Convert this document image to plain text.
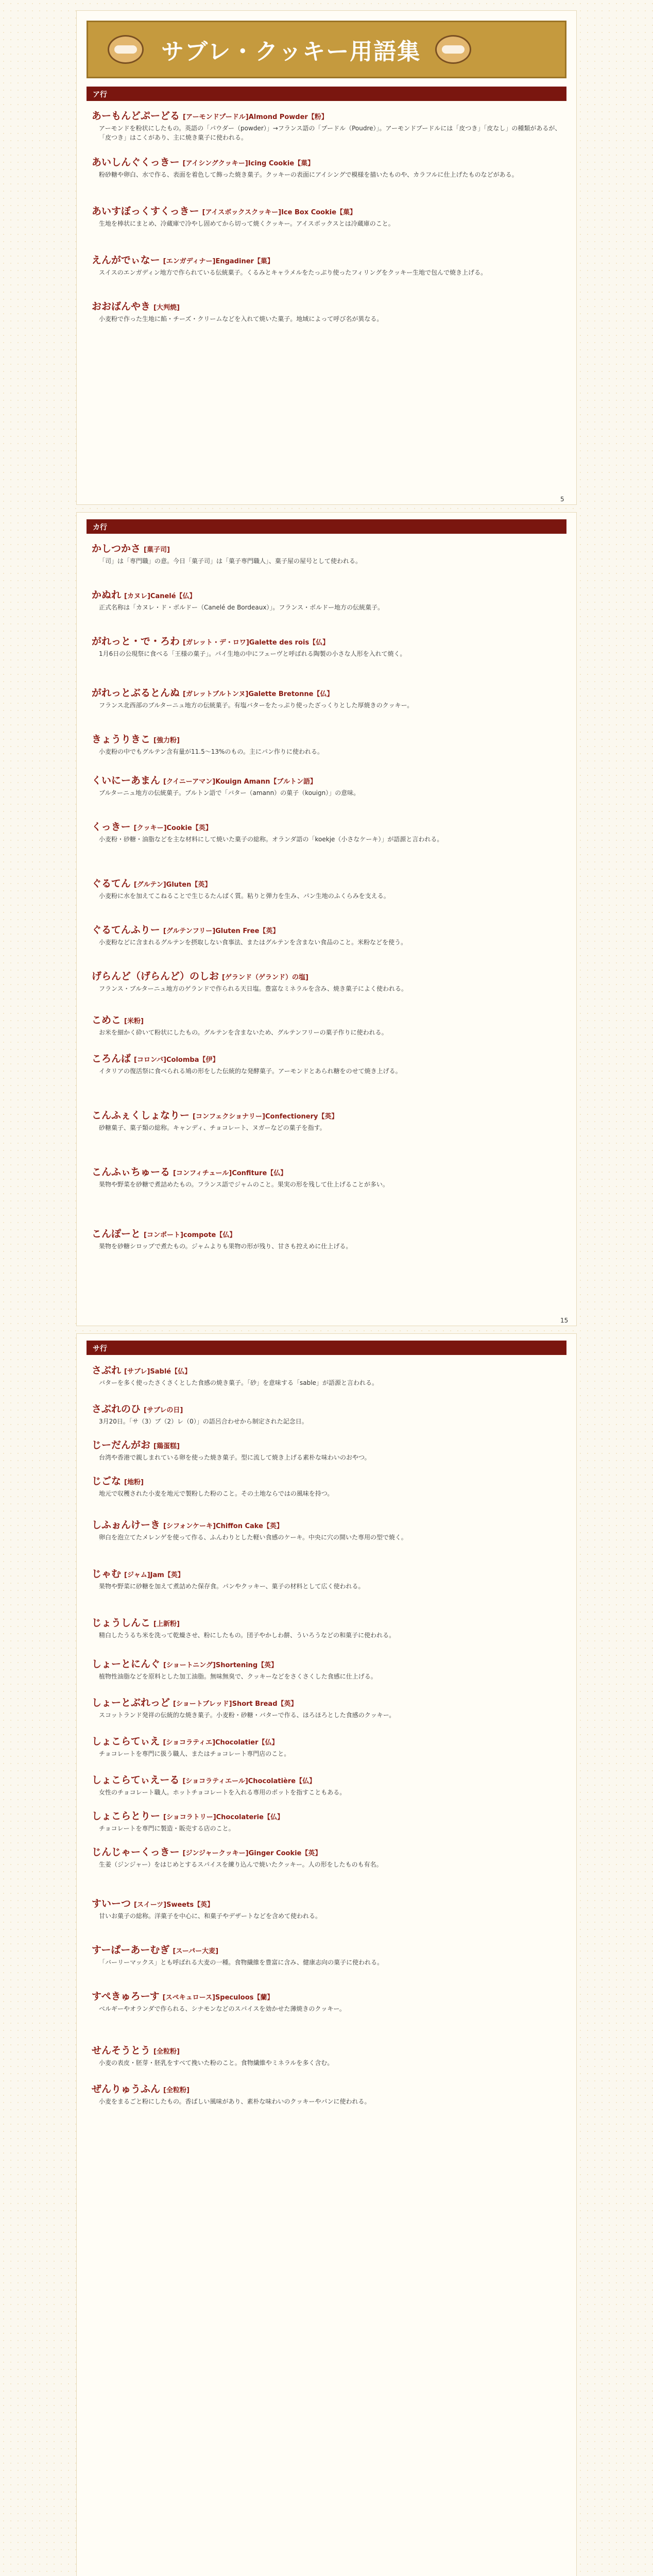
サブレ・クッキー用語集
ア行
カ行
サ行
5
15
あーもんどぷーどる [アーモンドプードル]Almond Powder【粉】
アーモンドを粉状にしたもの。英語の「パウダー（powder）」→フランス語の「プードル（Poudre）」。アーモンドプードルには「皮つき」「皮なし」の種類があるが、「皮つき」はこくがあり、主に焼き菓子に使われる。
あいしんぐくっきー [アイシングクッキー]Icing Cookie【菓】
粉砂糖や卵白、水で作る、表面を着色して飾った焼き菓子。クッキーの表面にアイシングで模様を描いたものや、カラフルに仕上げたものなどがある。
あいすぼっくすくっきー [アイスボックスクッキー]Ice Box Cookie【菓】
生地を棒状にまとめ、冷蔵庫で冷やし固めてから切って焼くクッキー。アイスボックスとは冷蔵庫のこと。
えんがでぃなー [エンガディナー]Engadiner【菓】
スイスのエンガディン地方で作られている伝統菓子。くるみとキャラメルをたっぷり使ったフィリングをクッキー生地で包んで焼き上げる。
おおばんやき [大判焼]
小麦粉で作った生地に餡・チーズ・クリームなどを入れて焼いた菓子。地域によって呼び名が異なる。
かしつかさ [菓子司]
「司」は「専門職」の意。今日「菓子司」は「菓子専門職人」、菓子屋の屋号として使われる。
かぬれ [カヌレ]Canelé【仏】
正式名称は「カヌレ・ド・ボルドー（Canelé de Bordeaux）」。フランス・ボルドー地方の伝統菓子。
がれっと・で・ろわ [ガレット・デ・ロワ]Galette des rois【仏】
1月6日の公現祭に食べる「王様の菓子」。パイ生地の中にフェーヴと呼ばれる陶製の小さな人形を入れて焼く。
がれっとぶるとんぬ [ガレットブルトンヌ]Galette Bretonne【仏】
フランス北西部のブルターニュ地方の伝統菓子。有塩バターをたっぷり使ったざっくりとした厚焼きのクッキー。
きょうりきこ [強力粉]
小麦粉の中でもグルテン含有量が11.5〜13%のもの。主にパン作りに使われる。
くいにーあまん [クイニーアマン]Kouign Amann【ブルトン語】
ブルターニュ地方の伝統菓子。ブルトン語で「バター（amann）の菓子（kouign）」の意味。
くっきー [クッキー]Cookie【英】
小麦粉・砂糖・油脂などを主な材料にして焼いた菓子の総称。オランダ語の「koekje（小さなケーキ）」が語源と言われる。
ぐるてん [グルテン]Gluten【英】
小麦粉に水を加えてこねることで生じるたんぱく質。粘りと弾力を生み、パン生地のふくらみを支える。
ぐるてんふりー [グルテンフリー]Gluten Free【英】
小麦粉などに含まれるグルテンを摂取しない食事法、またはグルテンを含まない食品のこと。米粉などを使う。
げらんど（げらんど）のしお [ゲランド（ゲランド）の塩]
フランス・ブルターニュ地方のゲランドで作られる天日塩。豊富なミネラルを含み、焼き菓子によく使われる。
こめこ [米粉]
お米を細かく砕いて粉状にしたもの。グルテンを含まないため、グルテンフリーの菓子作りに使われる。
ころんば [コロンバ]Colomba【伊】
イタリアの復活祭に食べられる鳩の形をした伝統的な発酵菓子。アーモンドとあられ糖をのせて焼き上げる。
こんふぇくしょなりー [コンフェクショナリー]Confectionery【英】
砂糖菓子、菓子類の総称。キャンディ、チョコレート、ヌガーなどの菓子を指す。
こんふぃちゅーる [コンフィチュール]Confiture【仏】
果物や野菜を砂糖で煮詰めたもの。フランス語でジャムのこと。果実の形を残して仕上げることが多い。
こんぽーと [コンポート]compote【仏】
果物を砂糖シロップで煮たもの。ジャムよりも果物の形が残り、甘さも控えめに仕上げる。
さぶれ [サブレ]Sablé【仏】
バターを多く使ったさくさくとした食感の焼き菓子。「砂」を意味する「sable」が語源と言われる。
さぶれのひ [サブレの日]
3月20日。「サ（3）ブ（2）レ（0）」の語呂合わせから制定された記念日。
じーだんがお [鶏蛋糕]
台湾や香港で親しまれている卵を使った焼き菓子。型に流して焼き上げる素朴な味わいのおやつ。
じごな [地粉]
地元で収穫された小麦を地元で製粉した粉のこと。その土地ならではの風味を持つ。
しふぉんけーき [シフォンケーキ]Chiffon Cake【英】
卵白を泡立てたメレンゲを使って作る、ふんわりとした軽い食感のケーキ。中央に穴の開いた専用の型で焼く。
じゃむ [ジャム]Jam【英】
果物や野菜に砂糖を加えて煮詰めた保存食。パンやクッキー、菓子の材料として広く使われる。
じょうしんこ [上新粉]
精白したうるち米を洗って乾燥させ、粉にしたもの。団子やかしわ餅、ういろうなどの和菓子に使われる。
しょーとにんぐ [ショートニング]Shortening【英】
植物性油脂などを原料とした加工油脂。無味無臭で、クッキーなどをさくさくした食感に仕上げる。
しょーとぶれっど [ショートブレッド]Short Bread【英】
スコットランド発祥の伝統的な焼き菓子。小麦粉・砂糖・バターで作る、ほろほろとした食感のクッキー。
しょこらてぃえ [ショコラティエ]Chocolatier【仏】
チョコレートを専門に扱う職人、またはチョコレート専門店のこと。
しょこらてぃえーる [ショコラティエール]Chocolatière【仏】
女性のチョコレート職人。ホットチョコレートを入れる専用のポットを指すこともある。
しょこらとりー [ショコラトリー]Chocolaterie【仏】
チョコレートを専門に製造・販売する店のこと。
じんじゃーくっきー [ジンジャークッキー]Ginger Cookie【英】
生姜（ジンジャー）をはじめとするスパイスを練り込んで焼いたクッキー。人の形をしたものも有名。
すいーつ [スイーツ]Sweets【英】
甘いお菓子の総称。洋菓子を中心に、和菓子やデザートなどを含めて使われる。
すーぱーあーむぎ [スーパー大麦]
「バーリーマックス」とも呼ばれる大麦の一種。食物繊維を豊富に含み、健康志向の菓子に使われる。
すぺきゅろーす [スペキュロース]Speculoos【蘭】
ベルギーやオランダで作られる、シナモンなどのスパイスを効かせた薄焼きのクッキー。
せんそうとう [全粒粉]
小麦の表皮・胚芽・胚乳をすべて挽いた粉のこと。食物繊維やミネラルを多く含む。
ぜんりゅうふん [全粒粉]
小麦をまるごと粉にしたもの。香ばしい風味があり、素朴な味わいのクッキーやパンに使われる。
